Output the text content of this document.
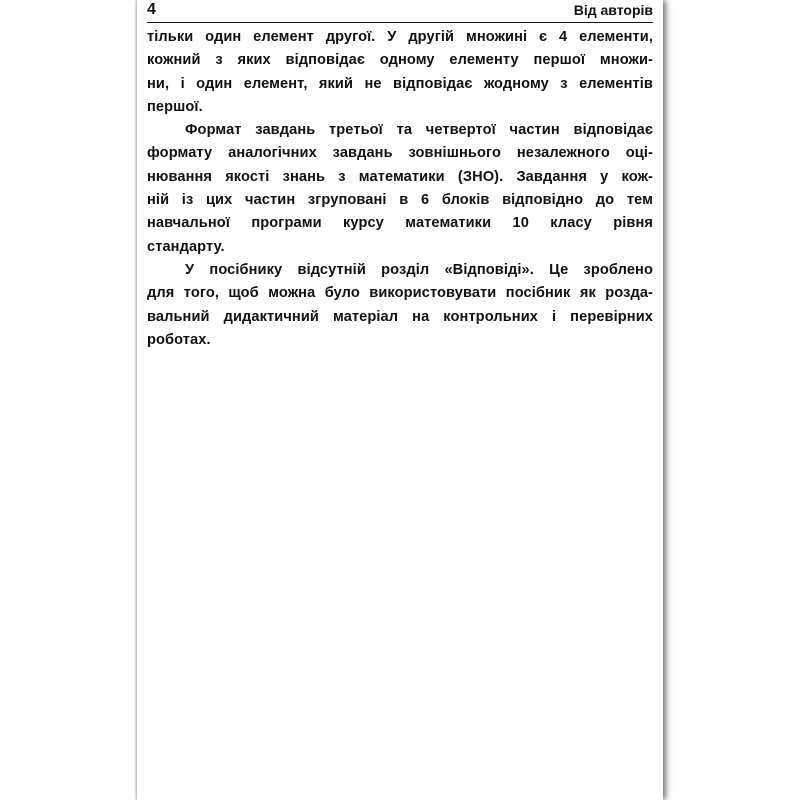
4	Від авторів

тільки один елемент другої. У другій множині є 4 елементи,
кожний з яких відповідає одному елементу першої множи-
ни, і один елемент, який не відповідає жодному з елементів
першої.

Формат завдань третьої та четвертої частин відповідає
формату аналогічних завдань зовнішнього незалежного оці-
нювання якості знань з математики (ЗНО). Завдання у кож-
ній із цих частин згруповані в 6 блоків відповідно до тем
навчальної програми курсу математики 10 класу рівня
стандарту.

У посібнику відсутній розділ «Відповіді». Це зроблено
для того, щоб можна було використовувати посібник як розда-
вальний дидактичний матеріал на контрольних і перевірних
роботах.
